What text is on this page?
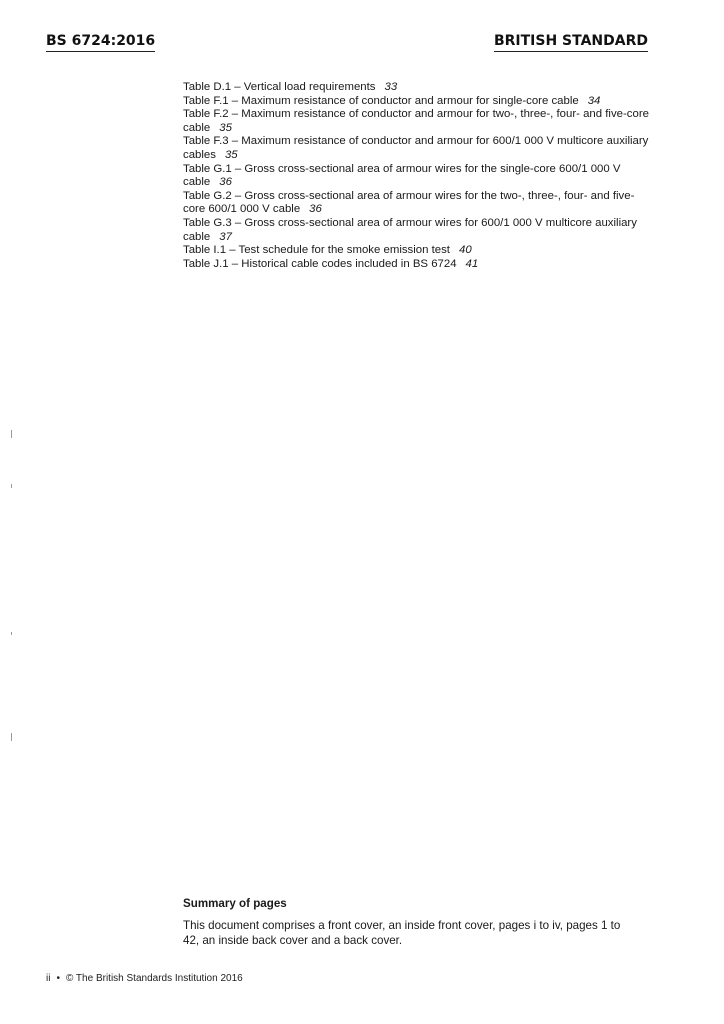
BS 6724:2016	BRITISH STANDARD
Table D.1 – Vertical load requirements 33
Table F.1 – Maximum resistance of conductor and armour for single-core cable 34
Table F.2 – Maximum resistance of conductor and armour for two-, three-, four- and five-core cable 35
Table F.3 – Maximum resistance of conductor and armour for 600/1 000 V multicore auxiliary cables 35
Table G.1 – Gross cross-sectional area of armour wires for the single-core 600/1 000 V cable 36
Table G.2 – Gross cross-sectional area of armour wires for the two-, three-, four- and five-core 600/1 000 V cable 36
Table G.3 – Gross cross-sectional area of armour wires for 600/1 000 V multicore auxiliary cable 37
Table I.1 – Test schedule for the smoke emission test 40
Table J.1 – Historical cable codes included in BS 6724 41

Summary of pages

This document comprises a front cover, an inside front cover, pages i to iv, pages 1 to 42, an inside back cover and a back cover.

ii • © The British Standards Institution 2016
